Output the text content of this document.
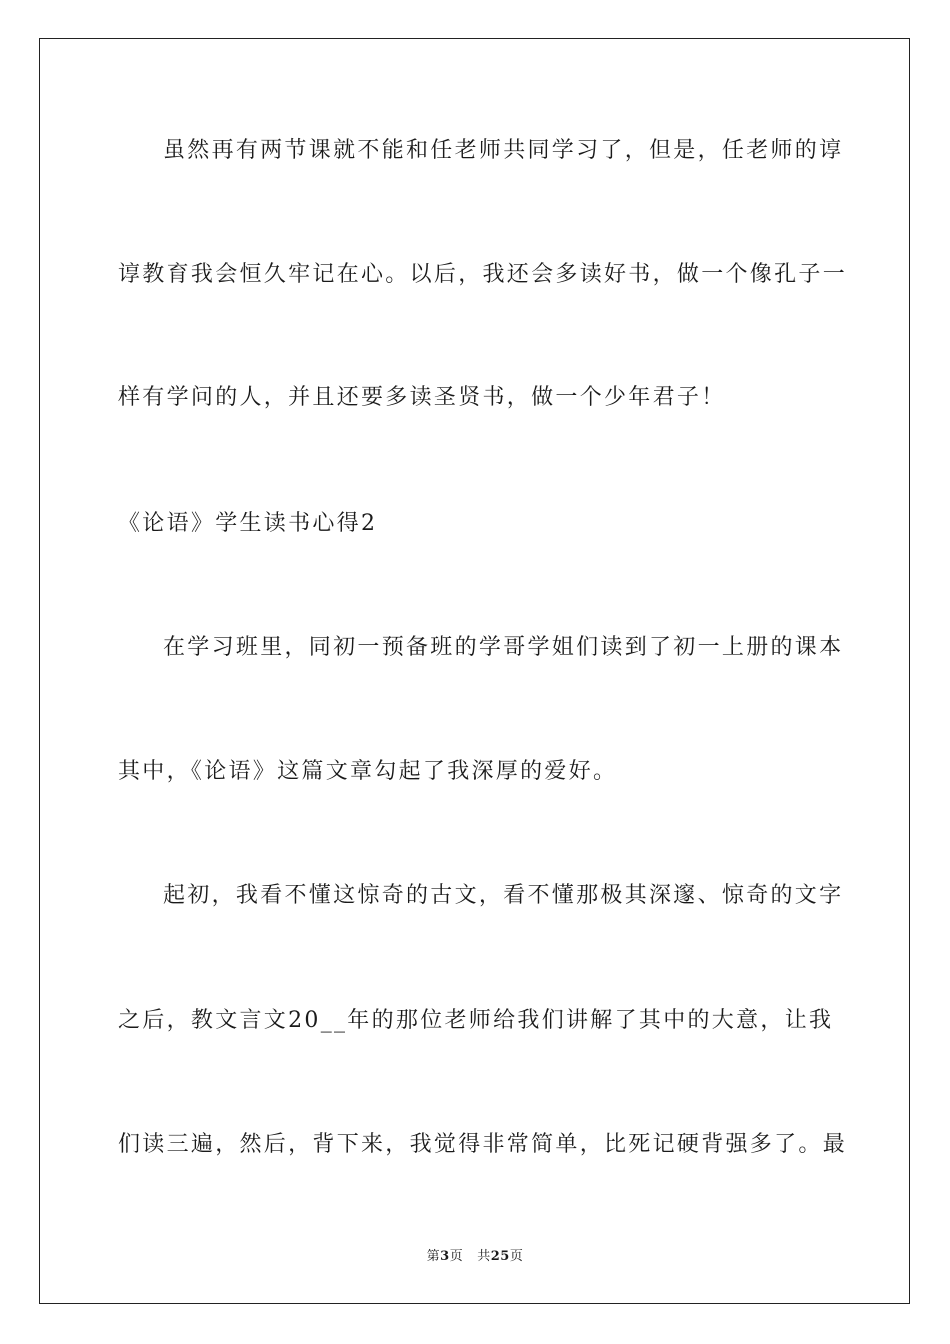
虽然再有两节课就不能和任老师共同学习了，但是，任老师的谆
谆教育我会恒久牢记在心。以后，我还会多读好书，做一个像孔子一
样有学问的人，并且还要多读圣贤书，做一个少年君子！
《论语》学生读书心得2
在学习班里，同初一预备班的学哥学姐们读到了初一上册的课本
其中，《论语》这篇文章勾起了我深厚的爱好。
起初，我看不懂这惊奇的古文，看不懂那极其深邃、惊奇的文字
之后，教文言文20__年的那位老师给我们讲解了其中的大意，让我
们读三遍，然后，背下来，我觉得非常简单，比死记硬背强多了。最
第3页 共25页
